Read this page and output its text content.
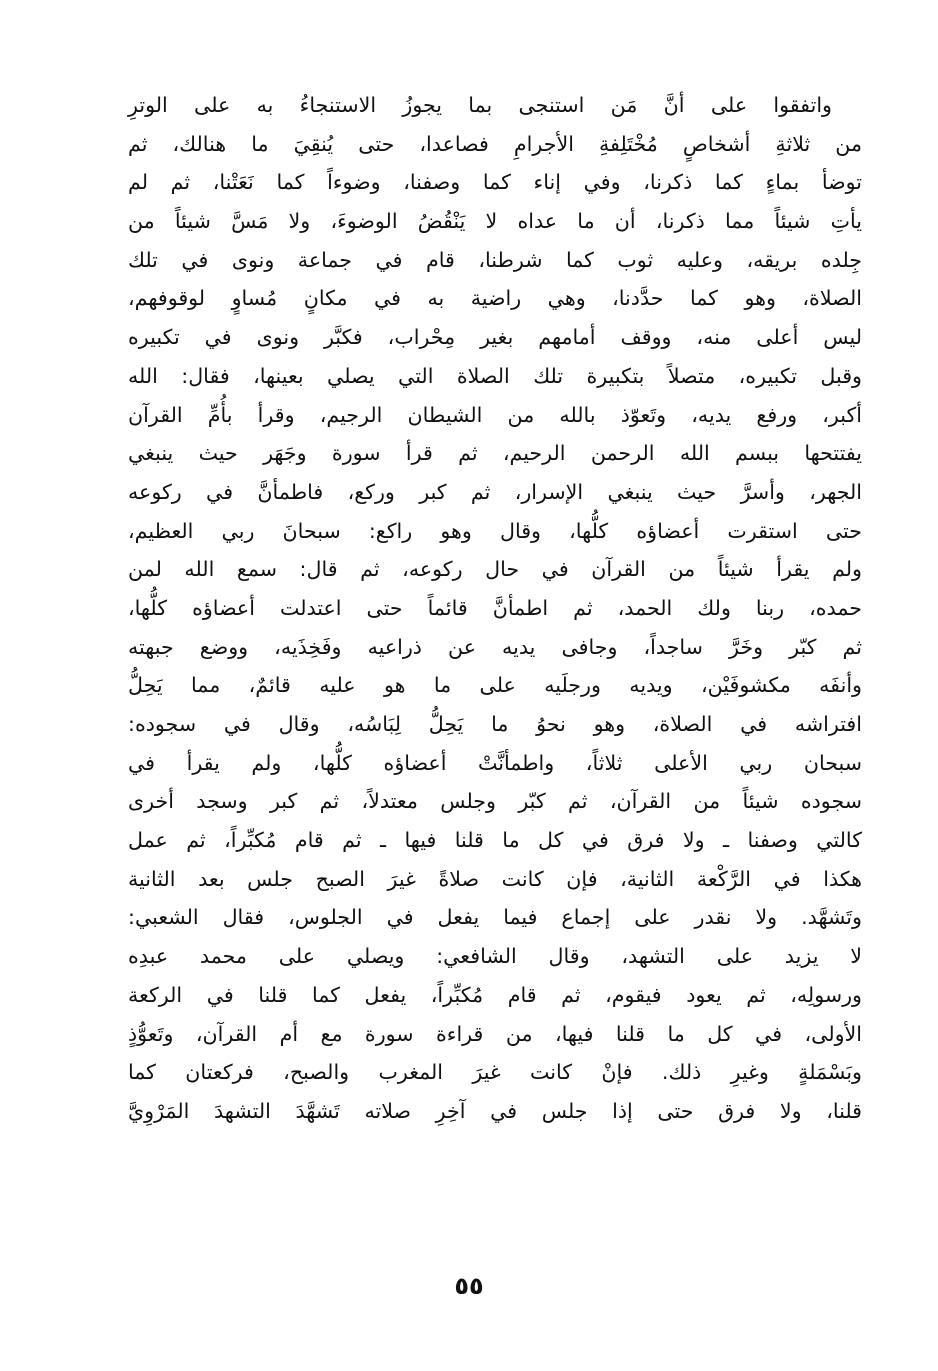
واتفقوا على أنَّ مَن استنجى بما يجوزُ الاستنجاءُ به على الوترِ
من ثلاثةِ أشخاصٍ مُخْتَلِفةِ الأجرامِ فصاعدا، حتى يُنقِيَ ما هنالك، ثم
توضأ بماءٍ كما ذكرنا، وفي إناء كما وصفنا، وضوءاً كما نَعَتْنا، ثم لم
يأتِ شيئاً مما ذكرنا، أن ما عداه لا يَنْقُضُ الوضوءَ، ولا مَسَّ شيئاً من
جِلده بريقه، وعليه ثوب كما شرطنا، قام في جماعة ونوى في تلك
الصلاة، وهو كما حدَّدنا، وهي راضية به في مكانٍ مُساوٍ لوقوفهم،
ليس أعلى منه، ووقف أمامهم بغير مِحْراب، فكبَّر ونوى في تكبيره
وقبل تكبيره، متصلاً بتكبيرة تلك الصلاة التي يصلي بعينها، فقال: الله
أكبر، ورفع يديه، وتَعوّذ بالله من الشيطان الرجيم، وقرأ بأُمِّ القرآن
يفتتحها ببسم الله الرحمن الرحيم، ثم قرأ سورة وجَهَر حيث ينبغي
الجهر، وأسرَّ حيث ينبغي الإسرار، ثم كبر وركع، فاطمأنَّ في ركوعه
حتى استقرت أعضاؤه كلُّها، وقال وهو راكع: سبحانَ ربي العظيم،
ولم يقرأ شيئاً من القرآن في حال ركوعه، ثم قال: سمع الله لمن
حمده، ربنا ولك الحمد، ثم اطمأنَّ قائماً حتى اعتدلت أعضاؤه كلُّها،
ثم كبّر وخَرَّ ساجداً، وجافى يديه عن ذراعيه وفَخِذَيه، ووضع جبهته
وأنفَه مكشوفَيْن، ويديه ورجلَيه على ما هو عليه قائمٌ، مما يَحِلُّ
افتراشه في الصلاة، وهو نحوُ ما يَحِلُّ لِبَاسُه، وقال في سجوده:
سبحان ربي الأعلى ثلاثاً، واطمأنَّتْ أعضاؤه كلُّها، ولم يقرأ في
سجوده شيئاً من القرآن، ثم كبّر وجلس معتدلاً، ثم كبر وسجد أخرى
كالتي وصفنا ـ ولا فرق في كل ما قلنا فيها ـ ثم قام مُكبِّراً، ثم عمل
هكذا في الرَّكْعة الثانية، فإن كانت صلاةً غيرَ الصبح جلس بعد الثانية
وتَشهَّد. ولا نقدر على إجماع فيما يفعل في الجلوس، فقال الشعبي:
لا يزيد على التشهد، وقال الشافعي: ويصلي على محمد عبدِه
ورسولِه، ثم يعود فيقوم، ثم قام مُكبِّراً، يفعل كما قلنا في الركعة
الأولى، في كل ما قلنا فيها، من قراءة سورة مع أم القرآن، وتَعوُّذٍ
وبَسْمَلةٍ وغيرِ ذلك. فإنْ كانت غيرَ المغرب والصبح، فركعتان كما
قلنا، ولا فرق حتى إذا جلس في آخِرِ صلاته تَشهَّدَ التشهدَ المَرْوِيَّ
٥٥
